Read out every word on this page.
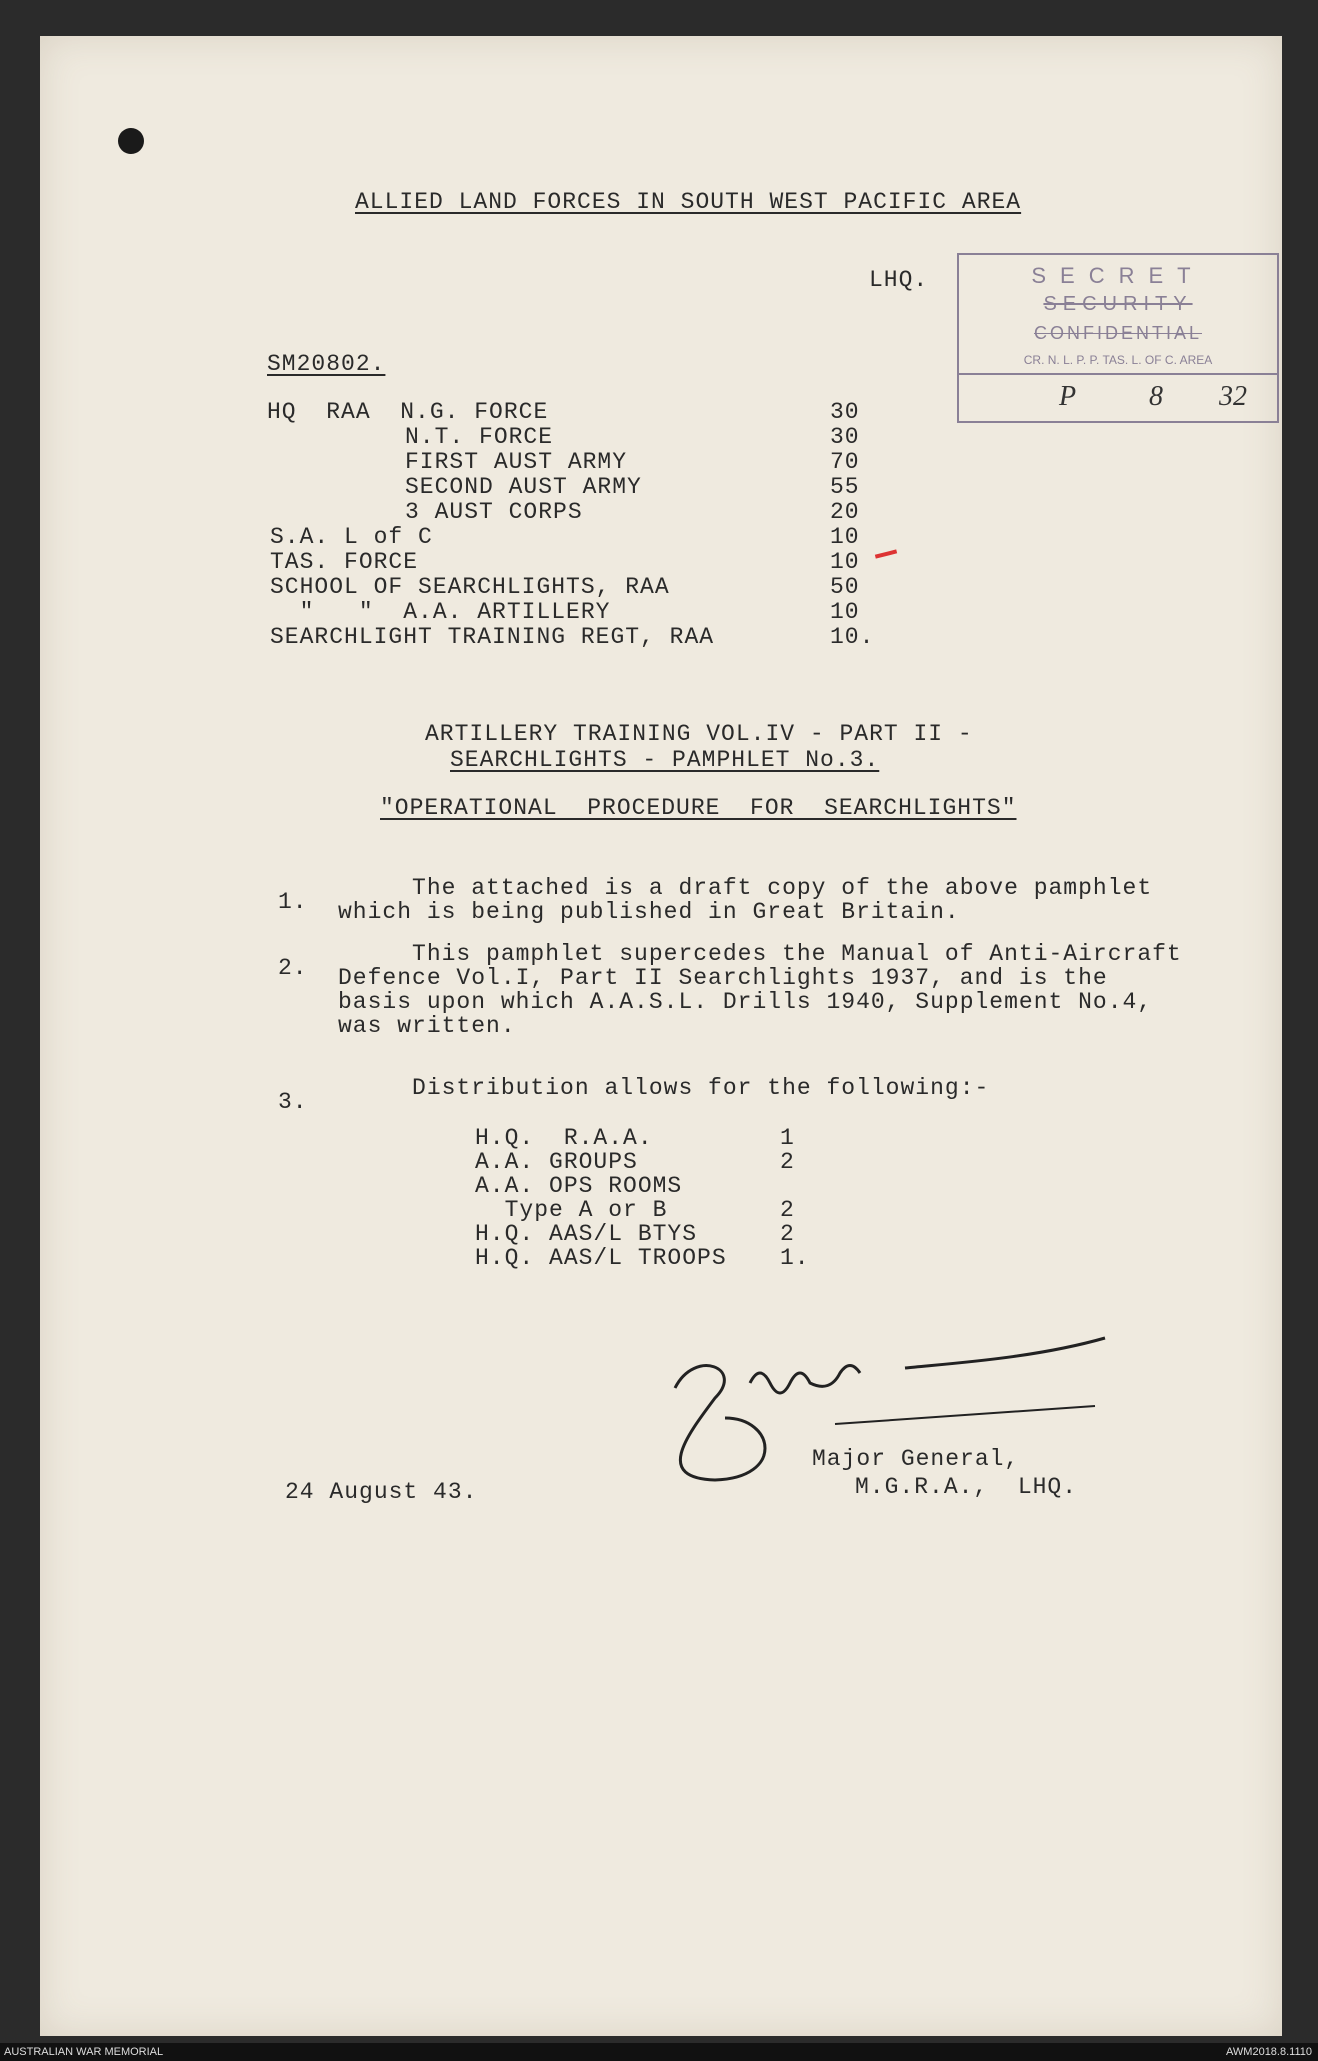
ALLIED LAND FORCES IN SOUTH WEST PACIFIC AREA
LHQ.
SM20802.
SECRET
SECURITY
CONFIDENTIAL
CR. N. L. P. P. TAS. L. OF C. AREA
P	8 32
HQ  RAA  N.G. FORCE	30
N.T. FORCE	30
FIRST AUST ARMY	70
SECOND AUST ARMY	55
3 AUST CORPS	20
S.A. L of C	10
TAS. FORCE	10
SCHOOL OF SEARCHLIGHTS, RAA	50
"   "  A.A. ARTILLERY	10
SEARCHLIGHT TRAINING REGT, RAA	10.
ARTILLERY TRAINING VOL.IV - PART II -
SEARCHLIGHTS - PAMPHLET No.3.
"OPERATIONAL  PROCEDURE  FOR  SEARCHLIGHTS"
1.
The attached is a draft copy of the above pamphlet
which is being published in Great Britain.
2.
This pamphlet supercedes the Manual of Anti-Aircraft
Defence Vol.I, Part II Searchlights 1937, and is the
basis upon which A.A.S.L. Drills 1940, Supplement No.4,
was written.
3.
Distribution allows for the following:-
H.Q.  R.A.A.	1
A.A. GROUPS	2
A.A. OPS ROOMS
Type A or B	2
H.Q. AAS/L BTYS	2
H.Q. AAS/L TROOPS 1.
24 August 43.
Major General,
M.G.R.A.,  LHQ.
AUSTRALIAN WAR MEMORIAL	AWM2018.8.1110
